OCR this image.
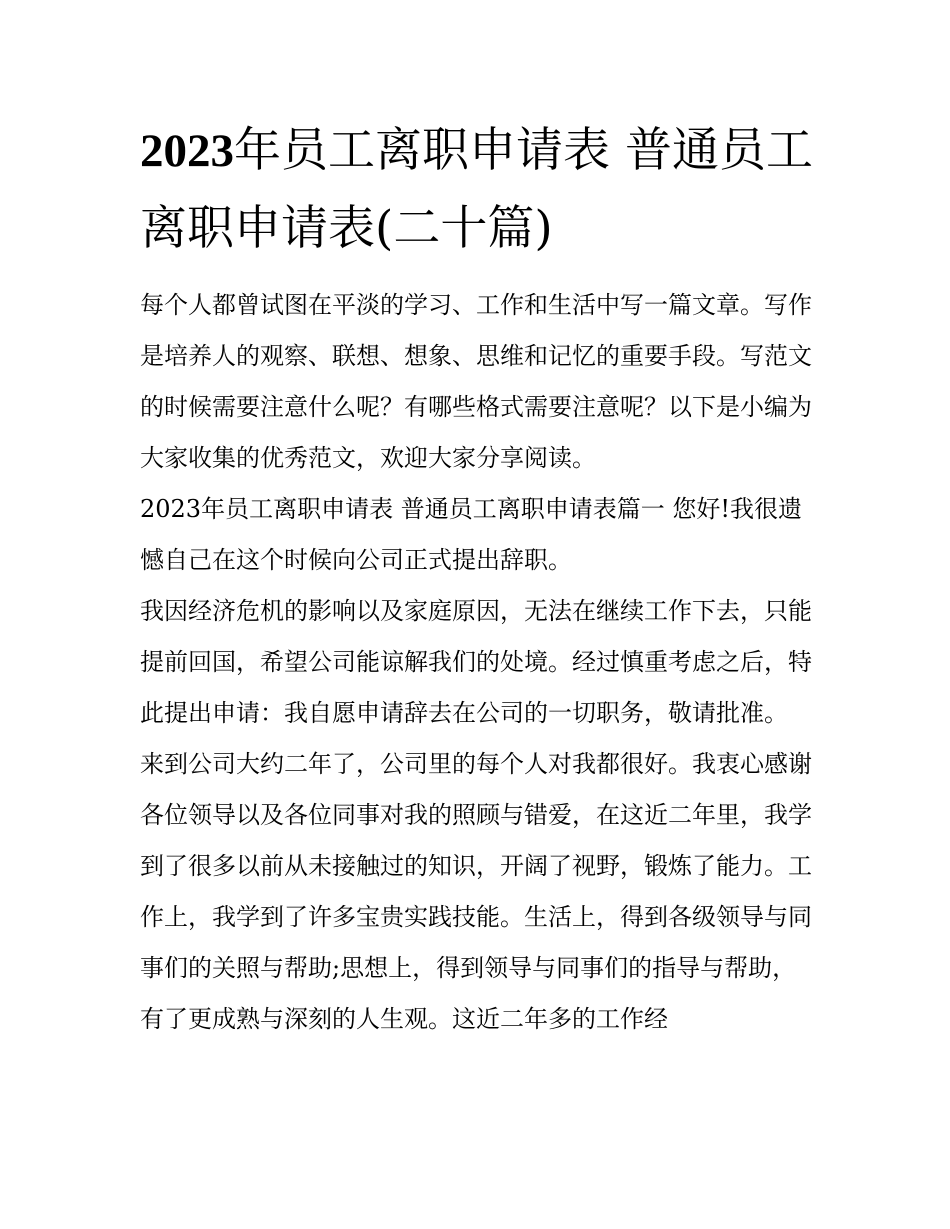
2023年员工离职申请表 普通员工离职申请表(二十篇)

每个人都曾试图在平淡的学习、工作和生活中写一篇文章。写作是培养人的观察、联想、想象、思维和记忆的重要手段。写范文的时候需要注意什么呢？有哪些格式需要注意呢？以下是小编为大家收集的优秀范文，欢迎大家分享阅读。

2023年员工离职申请表 普通员工离职申请表篇一 您好!我很遗憾自己在这个时候向公司正式提出辞职。

我因经济危机的影响以及家庭原因，无法在继续工作下去，只能提前回国，希望公司能谅解我们的处境。经过慎重考虑之后，特此提出申请：我自愿申请辞去在公司的一切职务，敬请批准。

来到公司大约二年了，公司里的每个人对我都很好。我衷心感谢各位领导以及各位同事对我的照顾与错爱，在这近二年里，我学到了很多以前从未接触过的知识，开阔了视野，锻炼了能力。工作上，我学到了许多宝贵实践技能。生活上，得到各级领导与同事们的关照与帮助;思想上，得到领导与同事们的指导与帮助，有了更成熟与深刻的人生观。这近二年多的工作经
